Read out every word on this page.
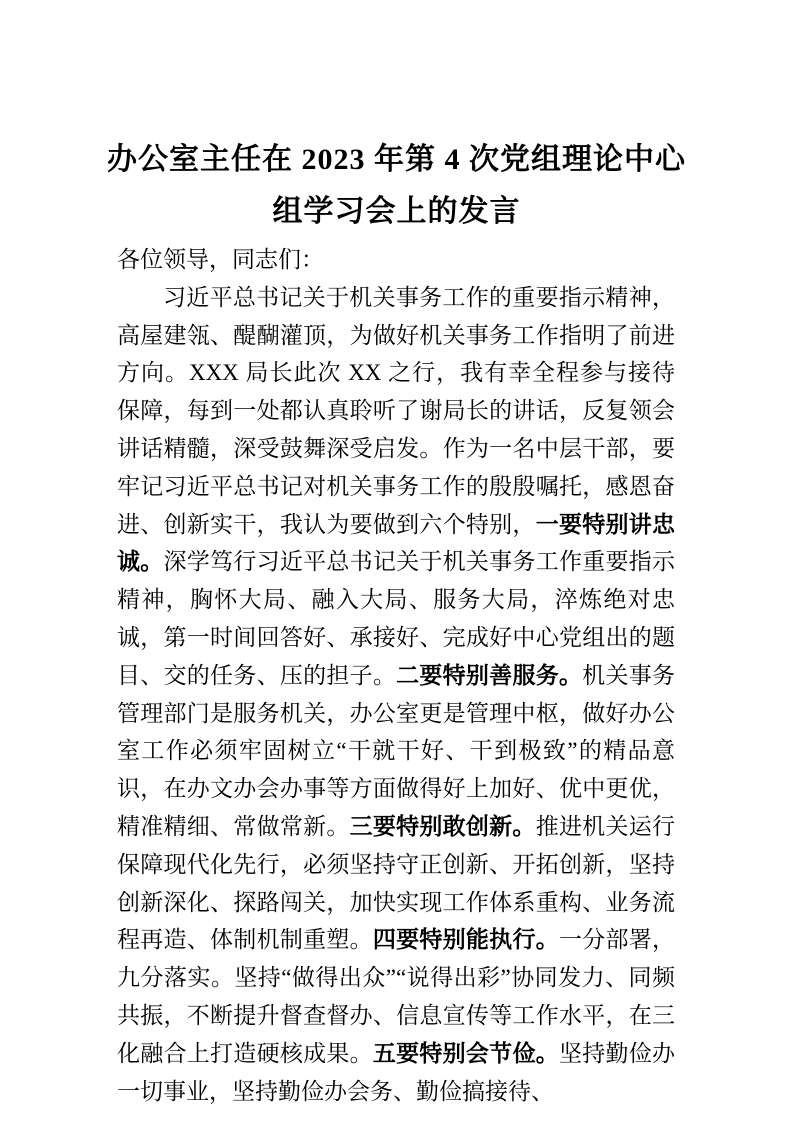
办公室主任在 2023 年第 4 次党组理论中心
组学习会上的发言

各位领导，同志们：

习近平总书记关于机关事务工作的重要指示精神，高屋建瓴、醍醐灌顶，为做好机关事务工作指明了前进方向。XXX 局长此次 XX 之行，我有幸全程参与接待保障，每到一处都认真聆听了谢局长的讲话，反复领会讲话精髓，深受鼓舞深受启发。作为一名中层干部，要牢记习近平总书记对机关事务工作的殷殷嘱托，感恩奋进、创新实干，我认为要做到六个特别，一要特别讲忠诚。深学笃行习近平总书记关于机关事务工作重要指示精神，胸怀大局、融入大局、服务大局，淬炼绝对忠诚，第一时间回答好、承接好、完成好中心党组出的题目、交的任务、压的担子。二要特别善服务。机关事务管理部门是服务机关，办公室更是管理中枢，做好办公室工作必须牢固树立“干就干好、干到极致”的精品意识，在办文办会办事等方面做得好上加好、优中更优，精准精细、常做常新。三要特别敢创新。推进机关运行保障现代化先行，必须坚持守正创新、开拓创新，坚持创新深化、探路闯关，加快实现工作体系重构、业务流程再造、体制机制重塑。四要特别能执行。一分部署，九分落实。坚持“做得出众”“说得出彩”协同发力、同频共振，不断提升督查督办、信息宣传等工作水平，在三化融合上打造硬核成果。五要特别会节俭。坚持勤俭办一切事业，坚持勤俭办会务、勤俭搞接待、
